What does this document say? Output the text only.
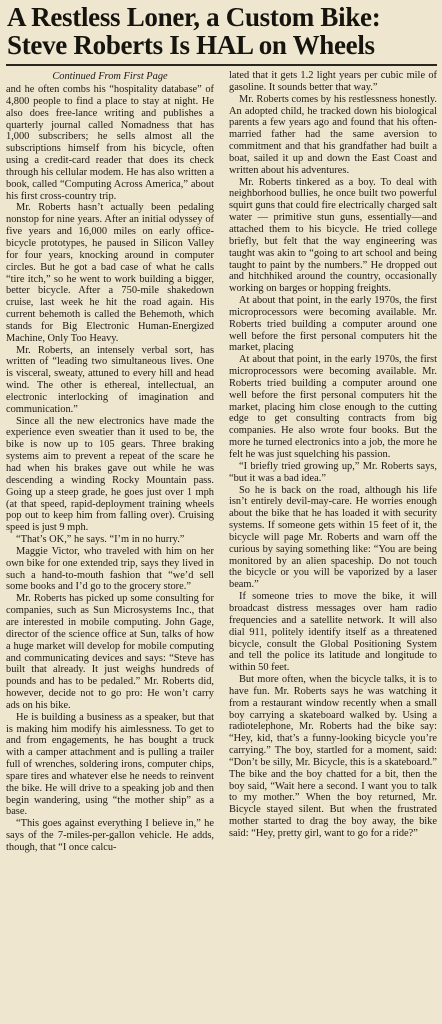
A Restless Loner, a Custom Bike:
Steve Roberts Is HAL on Wheels
Continued From First Page

and he often combs his “hospitality database” of 4,800 people to find a place to stay at night. He also does free-lance writing and publishes a quarterly journal called Nomadness that has 1,000 subscribers; he sells almost all the subscriptions himself from his bicycle, often using a credit-card reader that does its check through his cellular modem. He has also written a book, called “Computing Across America,” about his first cross-country trip.

Mr. Roberts hasn’t actually been pedaling nonstop for nine years. After an initial odyssey of five years and 16,000 miles on early office-bicycle prototypes, he paused in Silicon Valley for four years, knocking around in computer circles. But he got a bad case of what he calls “tire itch,” so he went to work building a bigger, better bicycle. After a 750-mile shakedown cruise, last week he hit the road again. His current behemoth is called the Behemoth, which stands for Big Electronic Human-Energized Machine, Only Too Heavy.

Mr. Roberts, an intensely verbal sort, has written of “leading two simultaneous lives. One is visceral, sweaty, attuned to every hill and head wind. The other is ethereal, intellectual, an electronic interlocking of imagination and communication.”

Since all the new electronics have made the experience even sweatier than it used to be, the bike is now up to 105 gears. Three braking systems aim to prevent a repeat of the scare he had when his brakes gave out while he was descending a winding Rocky Mountain pass. Going up a steep grade, he goes just over 1 mph (at that speed, rapid-deployment training wheels pop out to keep him from falling over). Cruising speed is just 9 mph.

“That’s OK,” he says. “I’m in no hurry.”

Maggie Victor, who traveled with him on her own bike for one extended trip, says they lived in such a hand-to-mouth fashion that “we’d sell some books and I’d go to the grocery store.”

Mr. Roberts has picked up some consulting for companies, such as Sun Microsystems Inc., that are interested in mobile computing. John Gage, director of the science office at Sun, talks of how a huge market will develop for mobile computing and communicating devices and says: “Steve has built that already. It just weighs hundreds of pounds and has to be pedaled.” Mr. Roberts did, however, decide not to go pro: He won’t carry ads on his bike.

He is building a business as a speaker, but that is making him modify his aimlessness. To get to and from engagements, he has bought a truck with a camper attachment and is pulling a trailer full of wrenches, soldering irons, computer chips, spare tires and whatever else he needs to reinvent the bike. He will drive to a speaking job and then begin wandering, using “the mother ship” as a base.

“This goes against everything I believe in,” he says of the 7-miles-per-gallon vehicle. He adds, though, that “I once calcu-

lated that it gets 1.2 light years per cubic mile of gasoline. It sounds better that way.”

Mr. Roberts comes by his restlessness honestly. An adopted child, he tracked down his biological parents a few years ago and found that his often-married father had the same aversion to commitment and that his grandfather had built a boat, sailed it up and down the East Coast and written about his adventures.

Mr. Roberts tinkered as a boy. To deal with neighborhood bullies, he once built two powerful squirt guns that could fire electrically charged salt water — primitive stun guns, essentially—and attached them to his bicycle. He tried college briefly, but felt that the way engineering was taught was akin to “going to art school and being taught to paint by the numbers.” He dropped out and hitchhiked around the country, occasionally working on barges or hopping freights.

At about that point, in the early 1970s, the first microprocessors were becoming available. Mr. Roberts tried building a computer around one well before the first personal computers hit the market, placing

At about that point, in the early 1970s, the first microprocessors were becoming available. Mr. Roberts tried building a computer around one well before the first personal computers hit the market, placing him close enough to the cutting edge to get consulting contracts from big companies. He also wrote four books. But the more he turned electronics into a job, the more he felt he was just squelching his passion.

“I briefly tried growing up,” Mr. Roberts says, “but it was a bad idea.”

So he is back on the road, although his life isn’t entirely devil-may-care. He worries enough about the bike that he has loaded it with security systems. If someone gets within 15 feet of it, the bicycle will page Mr. Roberts and warn off the curious by saying something like: “You are being monitored by an alien spaceship. Do not touch the bicycle or you will be vaporized by a laser beam.”

If someone tries to move the bike, it will broadcast distress messages over ham radio frequencies and a satellite network. It will also dial 911, politely identify itself as a threatened bicycle, consult the Global Positioning System and tell the police its latitude and longitude to within 50 feet.

But more often, when the bicycle talks, it is to have fun. Mr. Roberts says he was watching it from a restaurant window recently when a small boy carrying a skateboard walked by. Using a radiotelephone, Mr. Roberts had the bike say: “Hey, kid, that’s a funny-looking bicycle you’re carrying.” The boy, startled for a moment, said: “Don’t be silly, Mr. Bicycle, this is a skateboard.” The bike and the boy chatted for a bit, then the boy said, “Wait here a second. I want you to talk to my mother.” When the boy returned, Mr. Bicycle stayed silent. But when the frustrated mother started to drag the boy away, the bike said: “Hey, pretty girl, want to go for a ride?”
